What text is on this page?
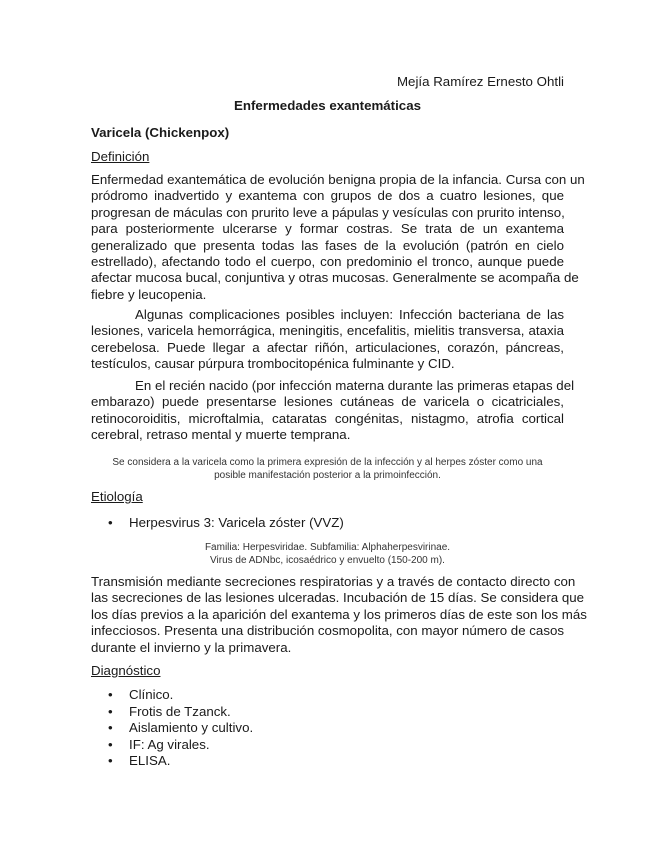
Mejía Ramírez Ernesto Ohtli
Enfermedades exantemáticas
Varicela (Chickenpox)
Definición
Enfermedad exantemática de evolución benigna propia de la infancia. Cursa con un
pródromo inadvertido y exantema con grupos de dos a cuatro lesiones, que
progresan de máculas con prurito leve a pápulas y vesículas con prurito intenso,
para posteriormente ulcerarse y formar costras. Se trata de un exantema
generalizado que presenta todas las fases de la evolución (patrón en cielo
estrellado), afectando todo el cuerpo, con predominio el tronco, aunque puede
afectar mucosa bucal, conjuntiva y otras mucosas. Generalmente se acompaña de
fiebre y leucopenia.
Algunas complicaciones posibles incluyen: Infección bacteriana de las
lesiones, varicela hemorrágica, meningitis, encefalitis, mielitis transversa, ataxia
cerebelosa. Puede llegar a afectar riñón, articulaciones, corazón, páncreas,
testículos, causar púrpura trombocitopénica fulminante y CID.
En el recién nacido (por infección materna durante las primeras etapas del
embarazo) puede presentarse lesiones cutáneas de varicela o cicatriciales,
retinocoroiditis, microftalmia, cataratas congénitas, nistagmo, atrofia cortical
cerebral, retraso mental y muerte temprana.
Se considera a la varicela como la primera expresión de la infección y al herpes zóster como una
posible manifestación posterior a la primoinfección.
Etiología
• Herpesvirus 3: Varicela zóster (VVZ)
Familia: Herpesviridae. Subfamilia: Alphaherpesvirinae.
Virus de ADNbc, icosaédrico y envuelto (150-200 m).
Transmisión mediante secreciones respiratorias y a través de contacto directo con
las secreciones de las lesiones ulceradas. Incubación de 15 días. Se considera que
los días previos a la aparición del exantema y los primeros días de este son los más
infecciosos. Presenta una distribución cosmopolita, con mayor número de casos
durante el invierno y la primavera.
Diagnóstico
• Clínico.
• Frotis de Tzanck.
• Aislamiento y cultivo.
• IF: Ag virales.
• ELISA.
